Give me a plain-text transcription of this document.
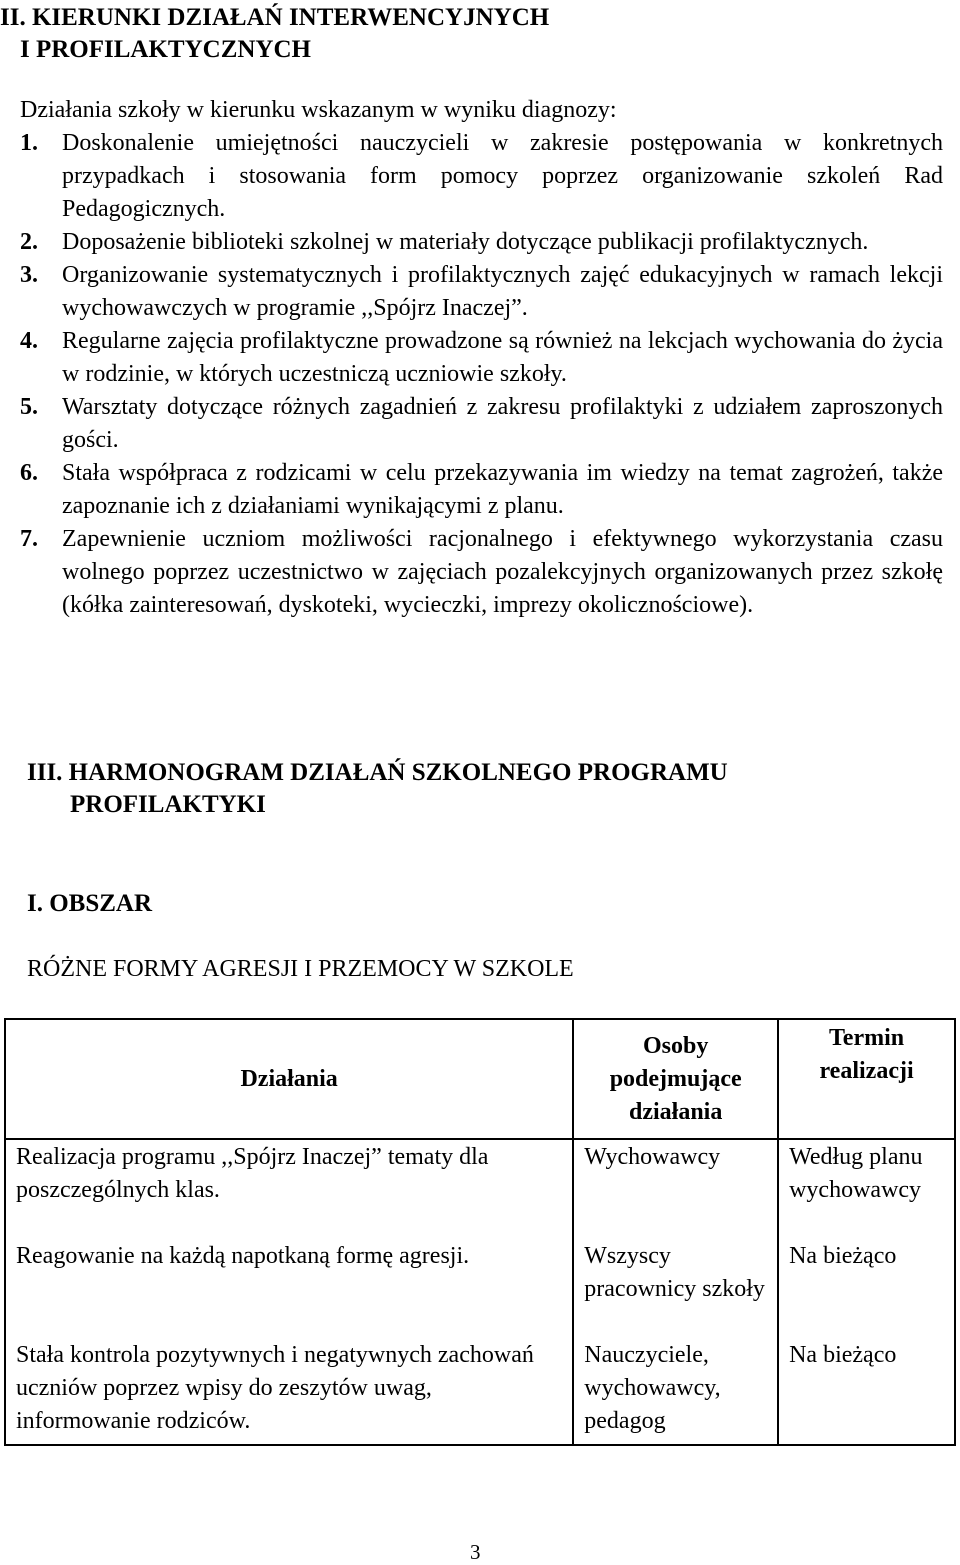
II. KIERUNKI DZIAŁAŃ INTERWENCYJNYCH
I PROFILAKTYCZNYCH
Działania szkoły w kierunku wskazanym w wyniku diagnozy:
1.	Doskonalenie umiejętności nauczycieli w zakresie postępowania w konkretnych przypadkach i stosowania form pomocy poprzez organizowanie szkoleń Rad Pedagogicznych.
2.	Doposażenie biblioteki szkolnej w materiały dotyczące publikacji profilaktycznych.
3.	Organizowanie systematycznych i profilaktycznych zajęć edukacyjnych w ramach lekcji wychowawczych w programie ,,Spójrz Inaczej”.
4.	Regularne zajęcia profilaktyczne prowadzone są również na lekcjach wychowania do życia w rodzinie, w których uczestniczą uczniowie szkoły.
5.	Warsztaty dotyczące różnych zagadnień z zakresu profilaktyki z udziałem zaproszonych gości.
6.	Stała współpraca z rodzicami w celu przekazywania im wiedzy na temat zagrożeń, także zapoznanie ich z działaniami wynikającymi z planu.
7.	Zapewnienie uczniom możliwości racjonalnego i efektywnego wykorzystania czasu wolnego poprzez uczestnictwo w zajęciach pozalekcyjnych organizowanych przez szkołę (kółka zainteresowań, dyskoteki, wycieczki, imprezy okolicznościowe).
III. HARMONOGRAM DZIAŁAŃ SZKOLNEGO PROGRAMU
PROFILAKTYKI
I. OBSZAR
RÓŻNE FORMY AGRESJI I PRZEMOCY W SZKOLE
Działania	Osoby podejmujące działania	Termin realizacji
Realizacja programu ,,Spójrz Inaczej” tematy dla poszczególnych klas.	Wychowawcy	Według planu wychowawcy
Reagowanie na każdą napotkaną formę agresji.	Wszyscy pracownicy szkoły	Na bieżąco
Stała kontrola pozytywnych i negatywnych zachowań uczniów poprzez wpisy do zeszytów uwag, informowanie rodziców.	Nauczyciele, wychowawcy, pedagog	Na bieżąco
3
